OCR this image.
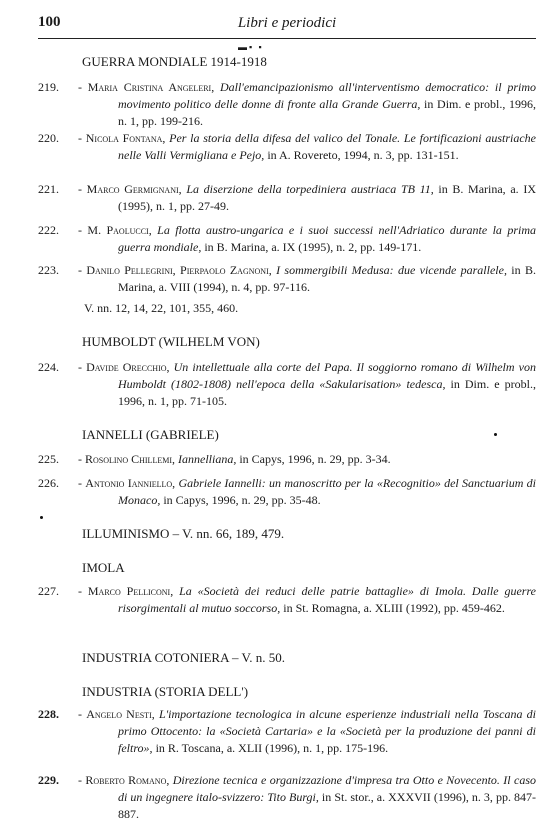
100	Libri e periodici
▬▪ ▪
GUERRA MONDIALE 1914-1918
219.	- Maria Cristina Angeleri, Dall'emancipazionismo all'interventismo democratico: il primo movimento politico delle donne di fronte alla Grande Guerra, in Dim. e probl., 1996, n. 1, pp. 199-216.
220.	- Nicola Fontana, Per la storia della difesa del valico del Tonale. Le fortificazioni austriache nelle Valli Vermigliana e Pejo, in A. Rovereto, 1994, n. 3, pp. 131-151.
221.	- Marco Germignani, La diserzione della torpediniera austriaca TB 11, in B. Marina, a. IX (1995), n. 1, pp. 27-49.
222.	- M. Paolucci, La flotta austro-ungarica e i suoi successi nell'Adriatico durante la prima guerra mondiale, in B. Marina, a. IX (1995), n. 2, pp. 149-171.
223.	- Danilo Pellegrini, Pierpaolo Zagnoni, I sommergibili Medusa: due vicende parallele, in B. Marina, a. VIII (1994), n. 4, pp. 97-116.
V. nn. 12, 14, 22, 101, 355, 460.
HUMBOLDT (WILHELM VON)
224.	- Davide Orecchio, Un intellettuale alla corte del Papa. Il soggiorno romano di Wilhelm von Humboldt (1802-1808) nell'epoca della «Sakularisation» tedesca, in Dim. e probl., 1996, n. 1, pp. 71-105.
IANNELLI (GABRIELE)
225.	- Rosolino Chillemi, Iannelliana, in Capys, 1996, n. 29, pp. 3-34.
226.	- Antonio Ianniello, Gabriele Iannelli: un manoscritto per la «Recognitio» del Sanctuarium di Monaco, in Capys, 1996, n. 29, pp. 35-48.
ILLUMINISMO – V. nn. 66, 189, 479.
IMOLA
227.	- Marco Pelliconi, La «Società dei reduci delle patrie battaglie» di Imola. Dalle guerre risorgimentali al mutuo soccorso, in St. Romagna, a. XLIII (1992), pp. 459-462.
INDUSTRIA COTONIERA – V. n. 50.
INDUSTRIA (STORIA DELL')
228.	- Angelo Nesti, L'importazione tecnologica in alcune esperienze industriali nella Toscana di primo Ottocento: la «Società Cartaria» e la «Società per la produzione dei panni di feltro», in R. Toscana, a. XLII (1996), n. 1, pp. 175-196.
229.	- Roberto Romano, Direzione tecnica e organizzazione d'impresa tra Otto e Novecento. Il caso di un ingegnere italo-svizzero: Tito Burgi, in St. stor., a. XXXVII (1996), n. 3, pp. 847-887.
